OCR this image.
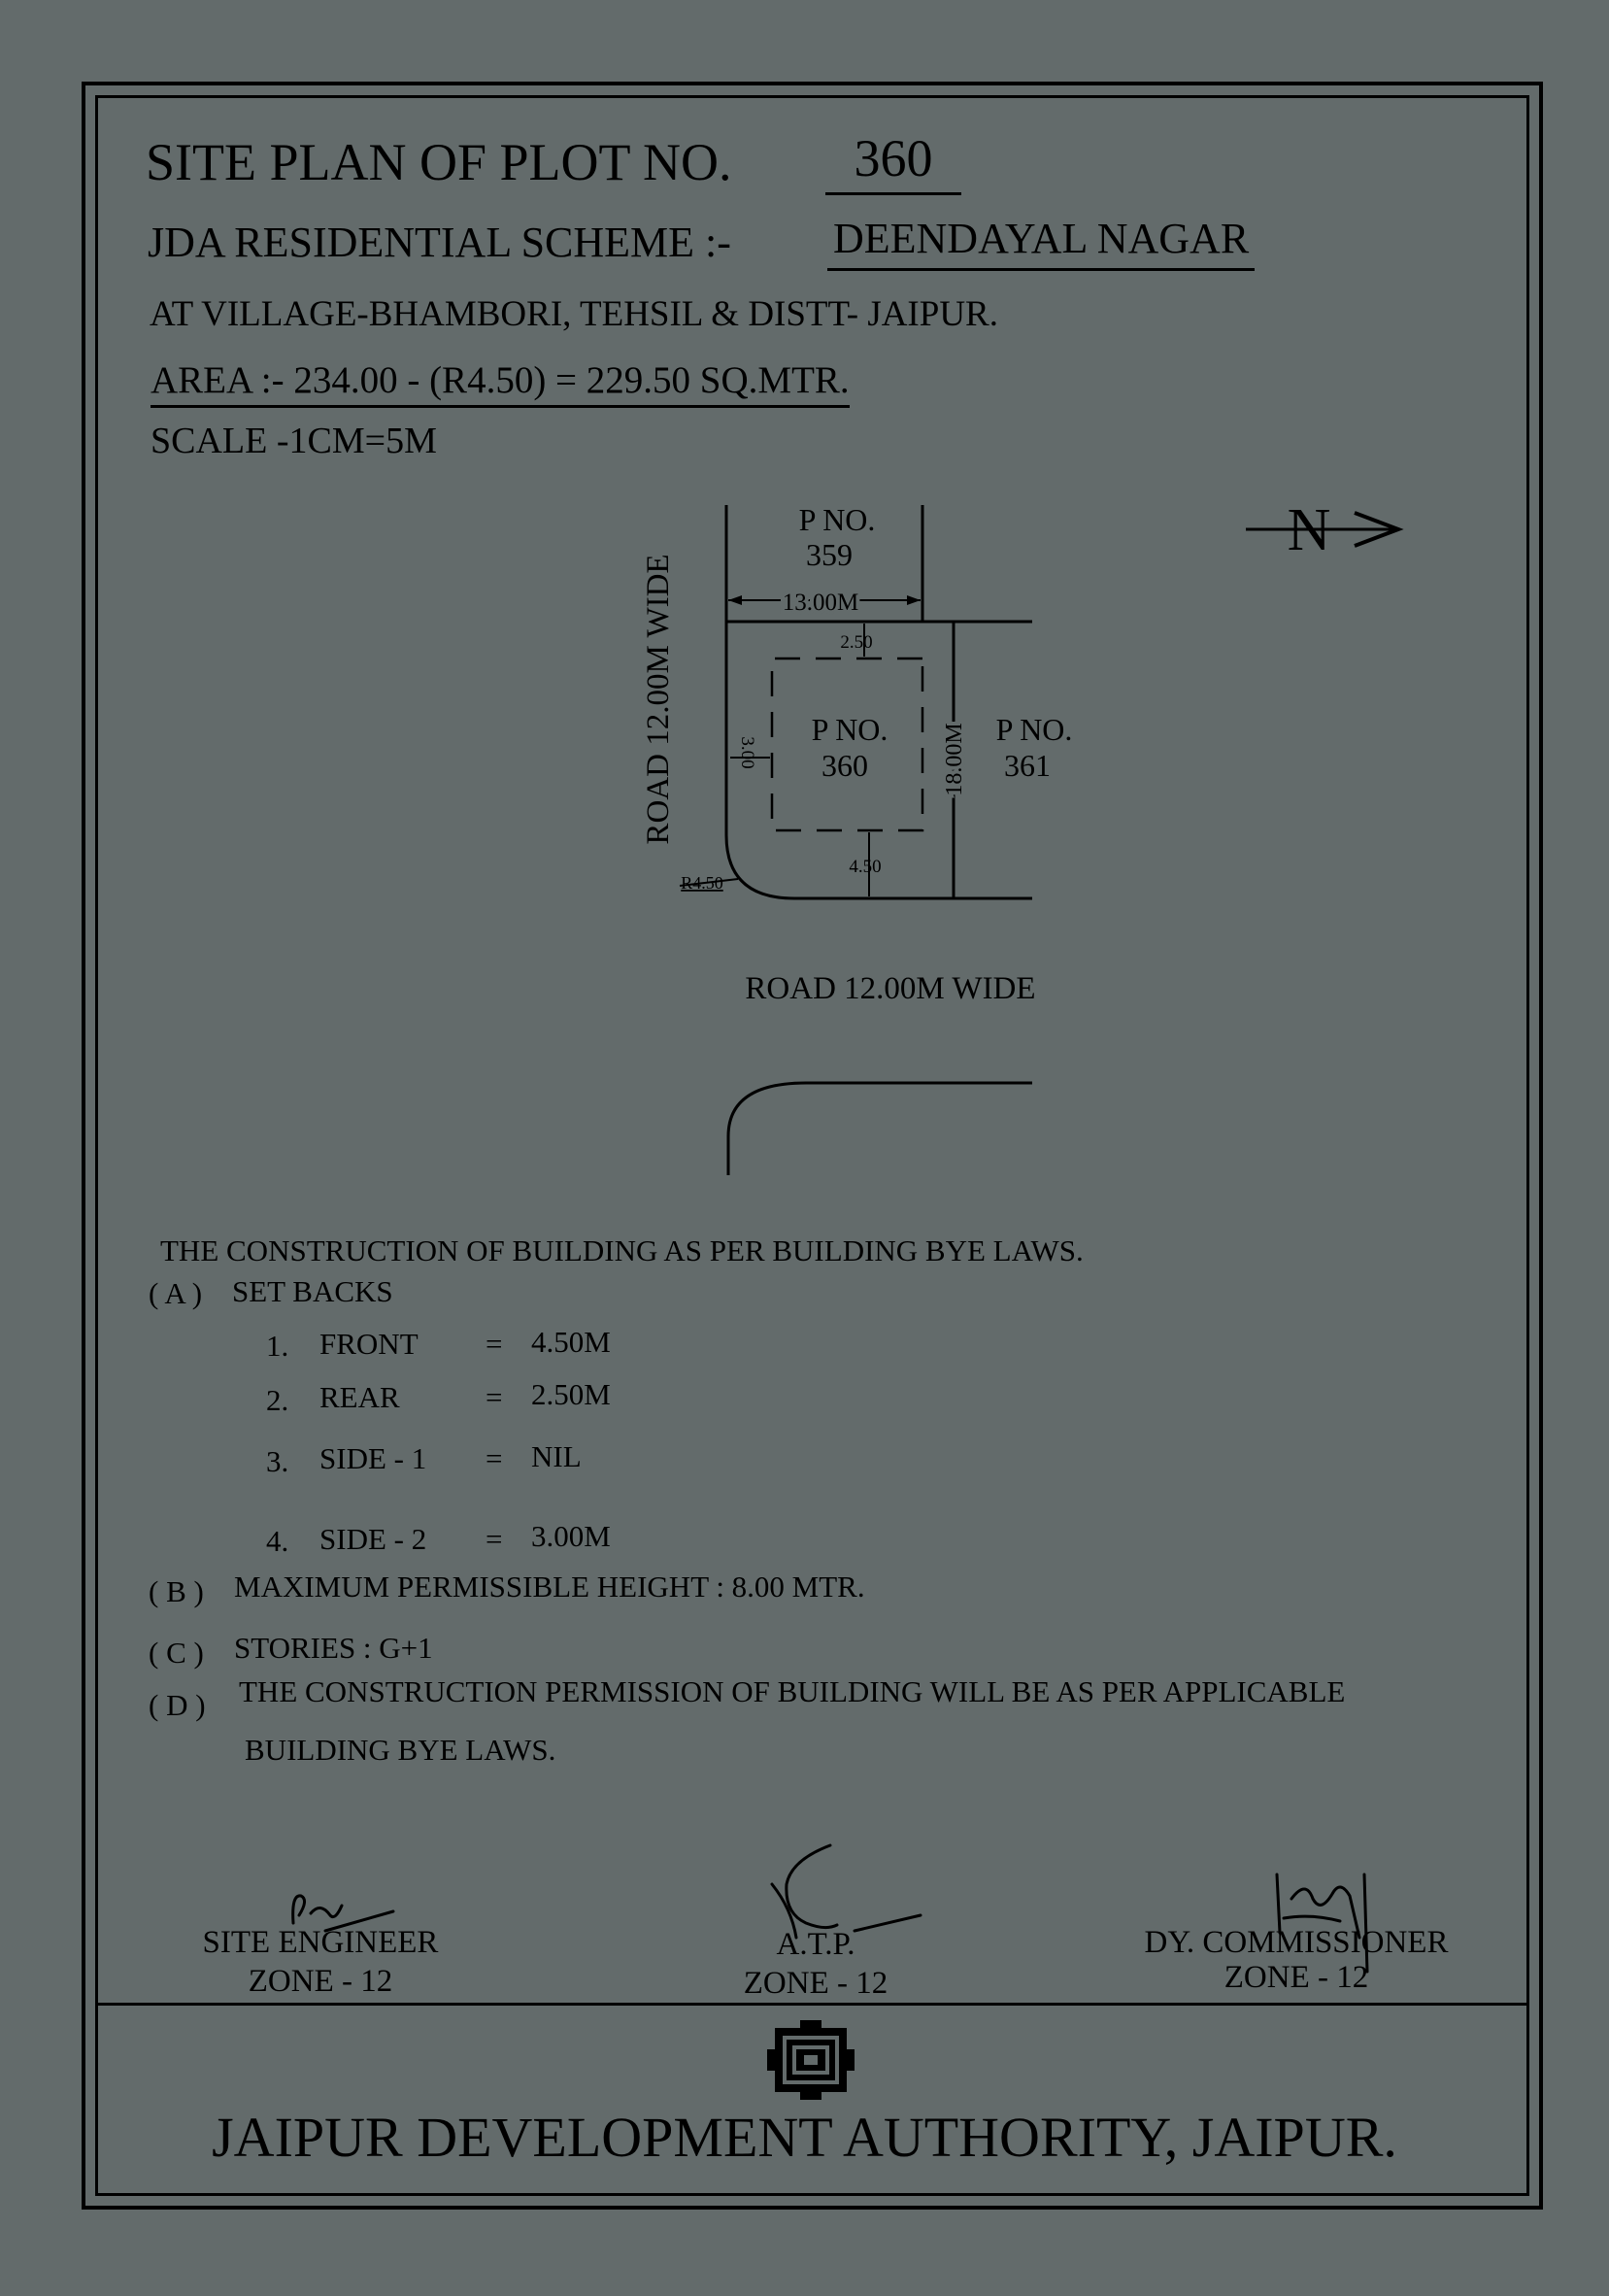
SITE PLAN OF PLOT NO.	360
JDA RESIDENTIAL SCHEME :- DEENDAYAL NAGAR
AT VILLAGE-BHAMBORI, TEHSIL & DISTT- JAIPUR.
AREA :- 234.00 - (R4.50) = 229.50 SQ.MTR.
SCALE -1CM=5M
N
ROAD 12.00M WIDE
P NO.
359
13.00M
2.50
P NO.
360
3.00	18.00M P NO.
361
4.50
R4.50
ROAD 12.00M WIDE
THE CONSTRUCTION OF BUILDING AS PER BUILDING BYE LAWS.
( A ) SET BACKS
1. FRONT = 4.50M
2. REAR	= 2.50M
3. SIDE - 1 = NIL
4. SIDE - 2 = 3.00M
( B ) MAXIMUM PERMISSIBLE HEIGHT : 8.00 MTR.
( C ) STORIES : G+1
( D ) THE CONSTRUCTION PERMISSION OF BUILDING WILL BE AS PER APPLICABLE
BUILDING BYE LAWS.
SITE ENGINEER
ZONE - 12
A.T.P.
ZONE - 12
DY. COMMISSIONER
ZONE - 12
JAIPUR DEVELOPMENT AUTHORITY, JAIPUR.
